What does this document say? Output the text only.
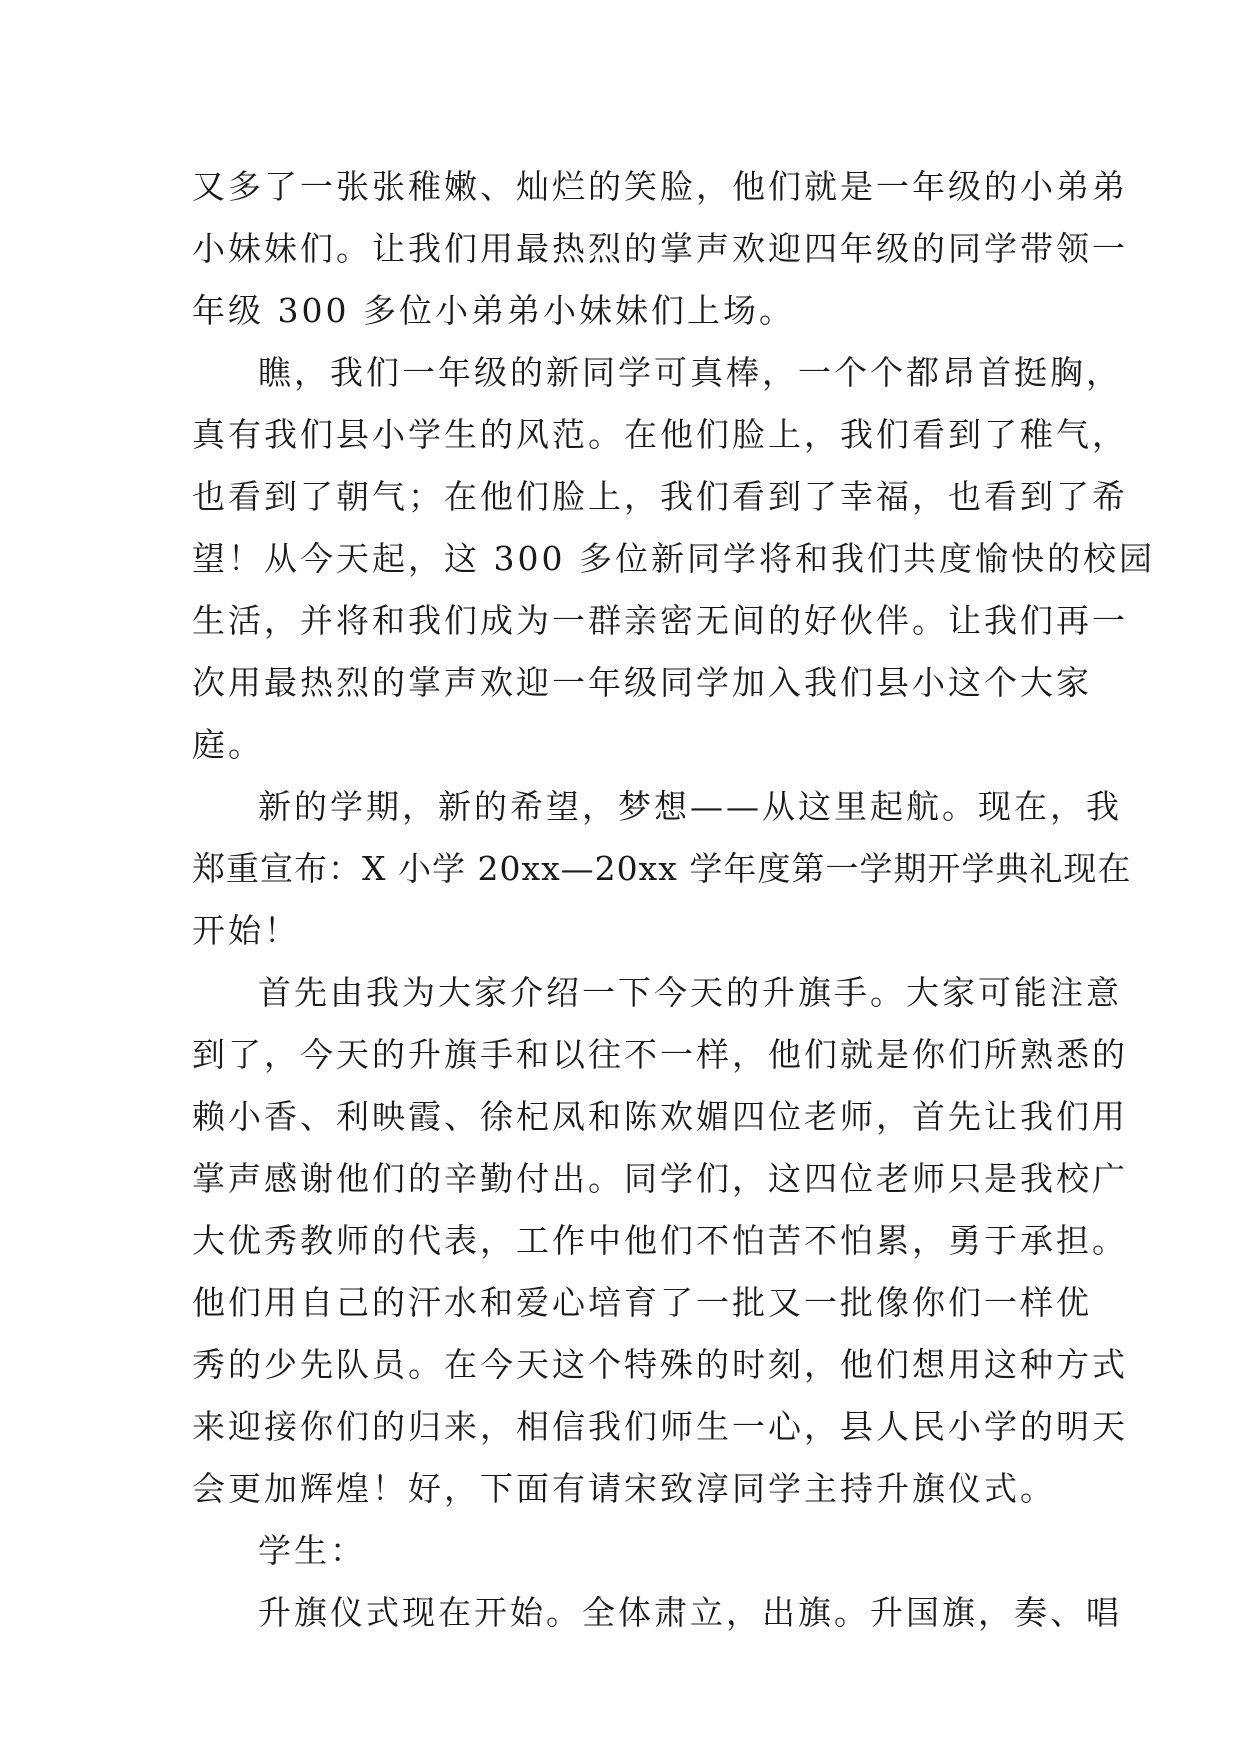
又多了一张张稚嫩、灿烂的笑脸，他们就是一年级的小弟弟
小妹妹们。让我们用最热烈的掌声欢迎四年级的同学带领一
年级 300 多位小弟弟小妹妹们上场。
瞧，我们一年级的新同学可真棒，一个个都昂首挺胸，
真有我们县小学生的风范。在他们脸上，我们看到了稚气，
也看到了朝气；在他们脸上，我们看到了幸福，也看到了希
望！从今天起，这 300 多位新同学将和我们共度愉快的校园
生活，并将和我们成为一群亲密无间的好伙伴。让我们再一
次用最热烈的掌声欢迎一年级同学加入我们县小这个大家
庭。
新的学期，新的希望，梦想——从这里起航。现在，我
郑重宣布：X 小学 20xx—20xx 学年度第一学期开学典礼现在
开始！
首先由我为大家介绍一下今天的升旗手。大家可能注意
到了，今天的升旗手和以往不一样，他们就是你们所熟悉的
赖小香、利映霞、徐杞凤和陈欢媚四位老师，首先让我们用
掌声感谢他们的辛勤付出。同学们，这四位老师只是我校广
大优秀教师的代表，工作中他们不怕苦不怕累，勇于承担。
他们用自己的汗水和爱心培育了一批又一批像你们一样优
秀的少先队员。在今天这个特殊的时刻，他们想用这种方式
来迎接你们的归来，相信我们师生一心，县人民小学的明天
会更加辉煌！好，下面有请宋致淳同学主持升旗仪式。
学生：
升旗仪式现在开始。全体肃立，出旗。升国旗，奏、唱
